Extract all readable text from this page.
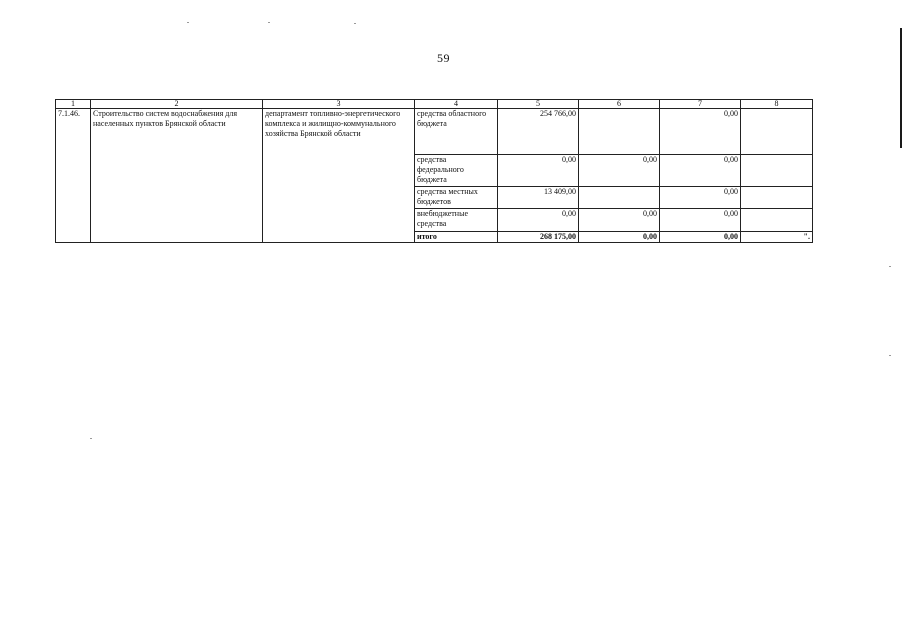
59
1	2	3	4	5	6	7	8
7.1.46.	Строительство систем водоснабжения для населенных пунктов Брянской области	департамент топливно-энергетического комплекса и жилищно-коммунального хозяйства Брянской области	средства областного бюджета	254 766,00		0,00	
			средства федерального бюджета	0,00	0,00	0,00	
			средства местных бюджетов	13 409,00		0,00	
			внебюджетные средства	0,00	0,00	0,00	
			итого	268 175,00	0,00	0,00	".
